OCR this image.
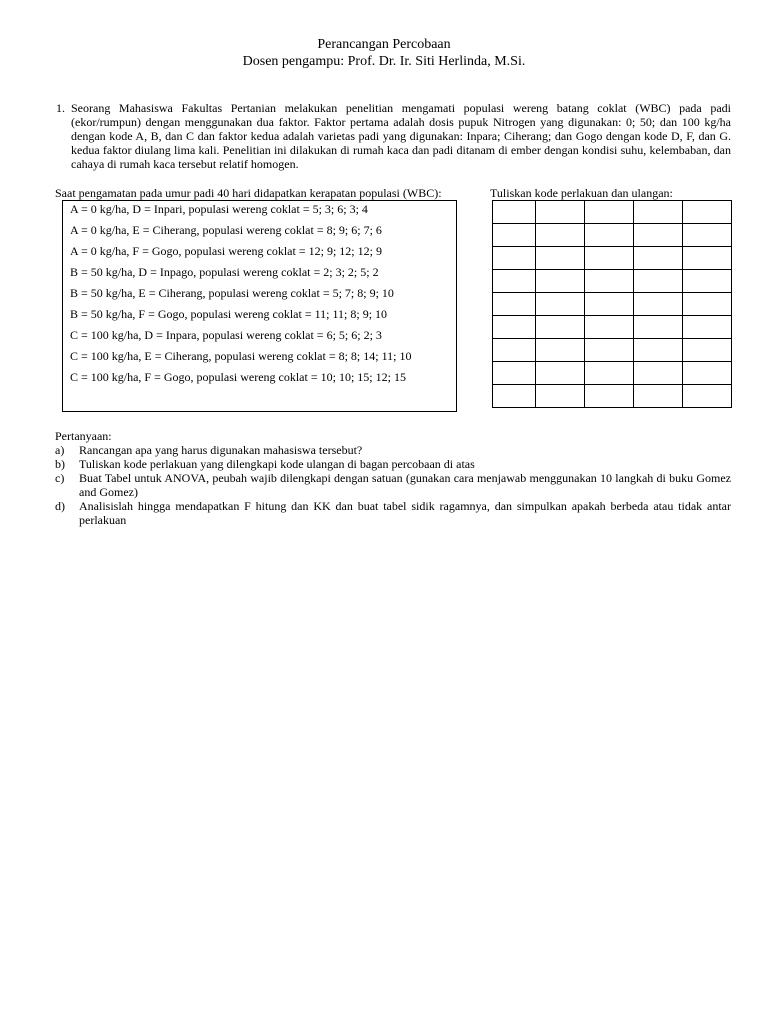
Perancangan Percobaan
Dosen pengampu: Prof. Dr. Ir. Siti Herlinda, M.Si.
1. Seorang Mahasiswa Fakultas Pertanian melakukan penelitian mengamati populasi wereng batang coklat (WBC) pada padi (ekor/rumpun) dengan menggunakan dua faktor. Faktor pertama adalah dosis pupuk Nitrogen yang digunakan: 0; 50; dan 100 kg/ha dengan kode A, B, dan C dan faktor kedua adalah varietas padi yang digunakan: Inpara; Ciherang; dan Gogo dengan kode D, F, dan G. kedua faktor diulang lima kali. Penelitian ini dilakukan di rumah kaca dan padi ditanam di ember dengan kondisi suhu, kelembaban, dan cahaya di rumah kaca tersebut relatif homogen.
Saat pengamatan pada umur padi 40 hari didapatkan kerapatan populasi (WBC):	Tuliskan kode perlakuan dan ulangan:
A = 0 kg/ha, D = Inpari, populasi wereng coklat = 5; 3; 6; 3; 4
A = 0 kg/ha, E = Ciherang, populasi wereng coklat = 8; 9; 6; 7; 6
A = 0 kg/ha, F = Gogo, populasi wereng coklat = 12; 9; 12; 12; 9
B = 50 kg/ha, D = Inpago, populasi wereng coklat = 2; 3; 2; 5; 2
B = 50 kg/ha, E = Ciherang, populasi wereng coklat = 5; 7; 8; 9; 10
B = 50 kg/ha, F = Gogo, populasi wereng coklat = 11; 11; 8; 9; 10
C = 100 kg/ha, D = Inpara, populasi wereng coklat = 6; 5; 6; 2; 3
C = 100 kg/ha, E = Ciherang, populasi wereng coklat = 8; 8; 14; 11; 10
C = 100 kg/ha, F = Gogo, populasi wereng coklat = 10; 10; 15; 12; 15

Pertanyaan:
a) Rancangan apa yang harus digunakan mahasiswa tersebut?
b) Tuliskan kode perlakuan yang dilengkapi kode ulangan di bagan percobaan di atas
c) Buat Tabel untuk ANOVA, peubah wajib dilengkapi dengan satuan (gunakan cara menjawab menggunakan 10 langkah di buku Gomez and Gomez)
d) Analisislah hingga mendapatkan F hitung dan KK dan buat tabel sidik ragamnya, dan simpulkan apakah berbeda atau tidak antar perlakuan
